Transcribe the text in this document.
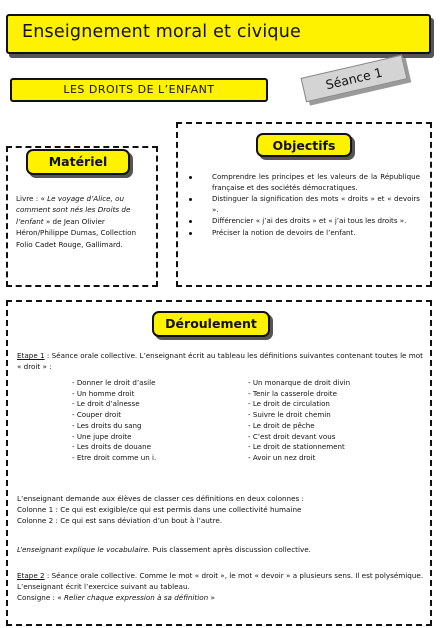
Enseignement moral et civique
LES DROITS DE L’ENFANT	Séance 1
Matériel
Livre : « Le voyage d’Alice, ou comment sont nés les Droits de l’enfant » de Jean Olivier Héron/Philippe Dumas, Collection Folio Cadet Rouge, Gallimard.
Objectifs
Comprendre les principes et les valeurs de la République française et des sociétés démocratiques.
Distinguer la signification des mots « droits » et « devoirs ».
Différencier « j’ai des droits » et « j’ai tous les droits ».
Préciser la notion de devoirs de l’enfant.
Déroulement
Etape 1 : Séance orale collective. L’enseignant écrit au tableau les définitions suivantes contenant toutes le mot « droit » :
- Donner le droit d’asile
- Un homme droit
- Le droit d’aînesse
- Couper droit
- Les droits du sang
- Une jupe droite
- Les droits de douane
- Etre droit comme un i.
- Un monarque de droit divin
- Tenir la casserole droite
- Le droit de circulation
- Suivre le droit chemin
- Le droit de pêche
- C’est droit devant vous
- Le droit de stationnement
- Avoir un nez droit
L’enseignant demande aux élèves de classer ces définitions en deux colonnes :
Colonne 1 : Ce qui est exigible/ce qui est permis dans une collectivité humaine
Colonne 2 : Ce qui est sans déviation d’un bout à l’autre.
L’enseignant explique le vocabulaire. Puis classement après discussion collective.
Etape 2 : Séance orale collective. Comme le mot « droit », le mot « devoir » a plusieurs sens. Il est polysémique. L’enseignant écrit l’exercice suivant au tableau.
Consigne : « Relier chaque expression à sa définition »
